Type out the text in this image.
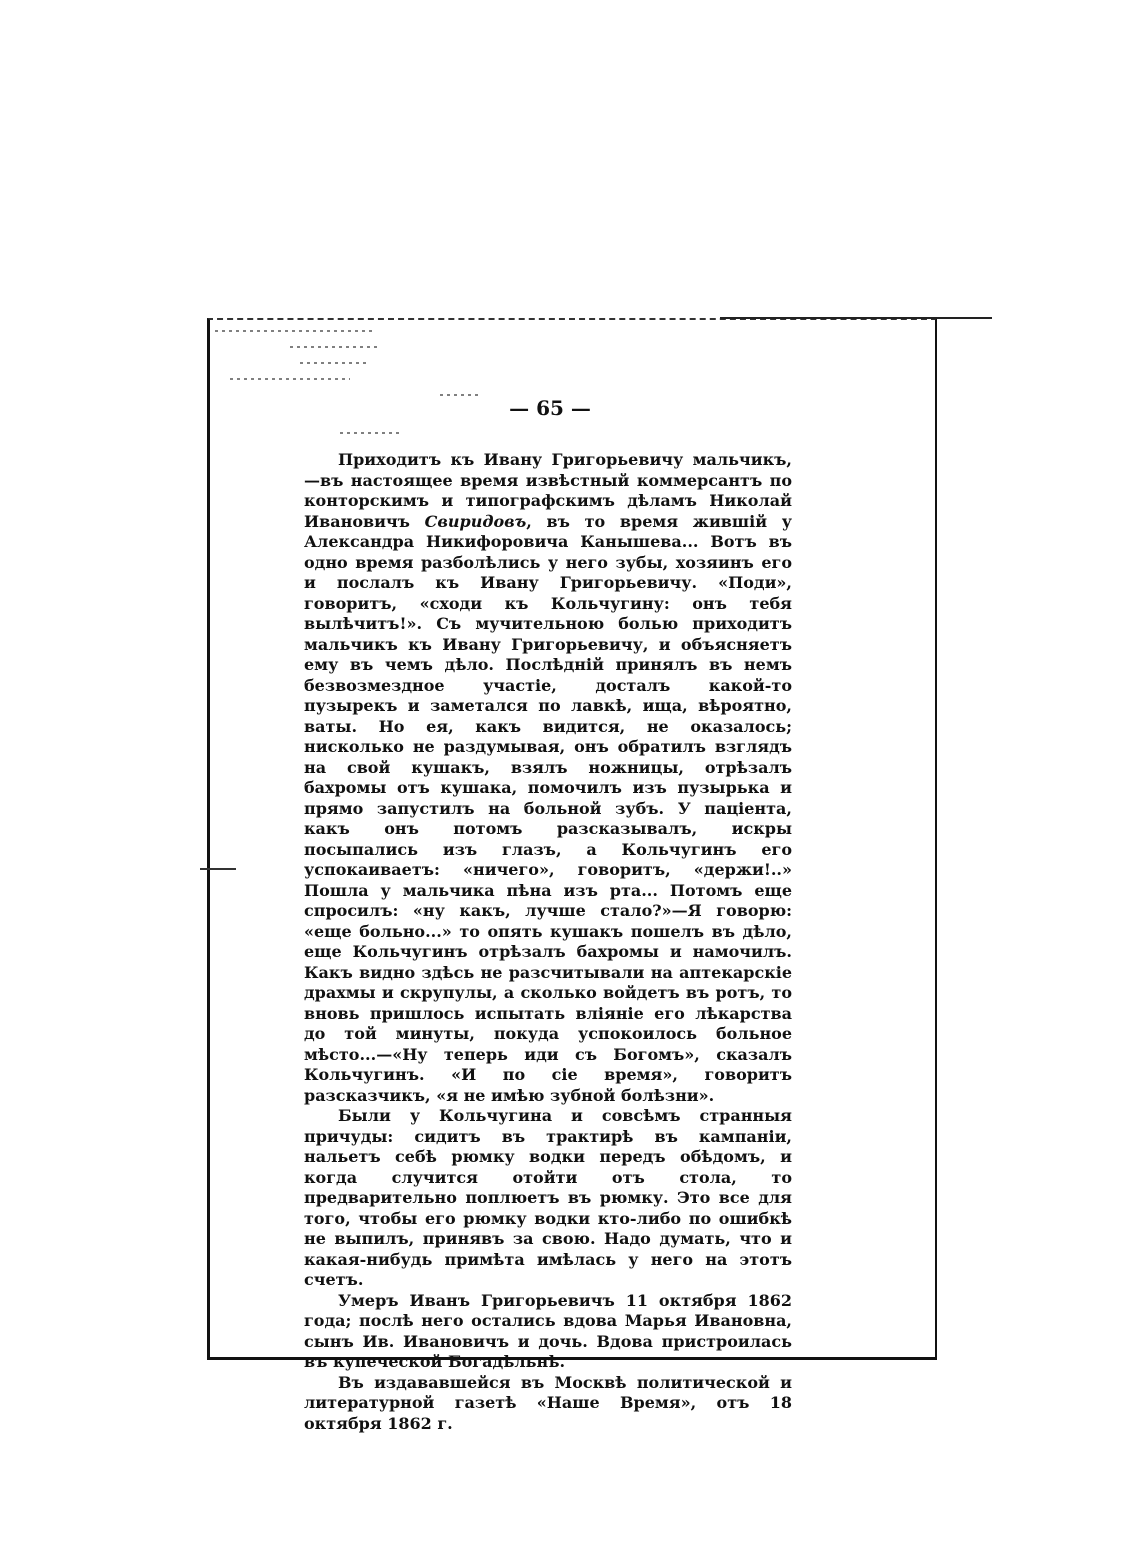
— 65 —

Приходитъ къ Ивану Григорьевичу мальчикъ,—въ настоящее время извѣстный коммерсантъ по конторскимъ и типографскимъ дѣламъ Николай Ивановичъ Свиридовъ, въ то время жившій у Александра Никифоровича Канышева... Вотъ въ одно время разболѣлись у него зубы, хозяинъ его и послалъ къ Ивану Григорьевичу. «Поди», говоритъ, «сходи къ Кольчугину: онъ тебя вылѣчитъ!». Съ мучительною болью приходитъ мальчикъ къ Ивану Григорьевичу, и объясняетъ ему въ чемъ дѣло. Послѣдній принялъ въ немъ безвозмездное участіе, досталъ какой-то пузырекъ и заметался по лавкѣ, ища, вѣроятно, ваты. Но ея, какъ видится, не оказалось; нисколько не раздумывая, онъ обратилъ взглядъ на свой кушакъ, взялъ ножницы, отрѣзалъ бахромы отъ кушака, помочилъ изъ пузырька и прямо запустилъ на больной зубъ. У паціента, какъ онъ потомъ разсказывалъ, искры посыпались изъ глазъ, а Кольчугинъ его успокаиваетъ: «ничего», говоритъ, «держи!..» Пошла у мальчика пѣна изъ рта... Потомъ еще спросилъ: «ну какъ, лучше стало?»—Я говорю: «еще больно...» то опять кушакъ пошелъ въ дѣло, еще Кольчугинъ отрѣзалъ бахромы и намочилъ. Какъ видно здѣсь не разсчитывали на аптекарскіе драхмы и скрупулы, а сколько войдетъ въ ротъ, то вновь пришлось испытать вліяніе его лѣкарства до той минуты, покуда успокоилось больное мѣсто...—«Ну теперь иди съ Богомъ», сказалъ Кольчугинъ. «И по сіе время», говоритъ разсказчикъ, «я не имѣю зубной болѣзни».

Были у Кольчугина и совсѣмъ странныя причуды: сидитъ въ трактирѣ въ кампаніи, нальетъ себѣ рюмку водки передъ обѣдомъ, и когда случится отойти отъ стола, то предварительно поплюетъ въ рюмку. Это все для того, чтобы его рюмку водки кто-либо по ошибкѣ не выпилъ, принявъ за свою. Надо думать, что и какая-нибудь примѣта имѣлась у него на этотъ счетъ.

Умеръ Иванъ Григорьевичъ 11 октября 1862 года; послѣ него остались вдова Марья Ивановна, сынъ Ив. Ивановичъ и дочь. Вдова пристроилась въ купеческой Богадѣльнѣ.

Въ издававшейся въ Москвѣ политической и литературной газетѣ «Наше Время», отъ 18 октября 1862 г.
